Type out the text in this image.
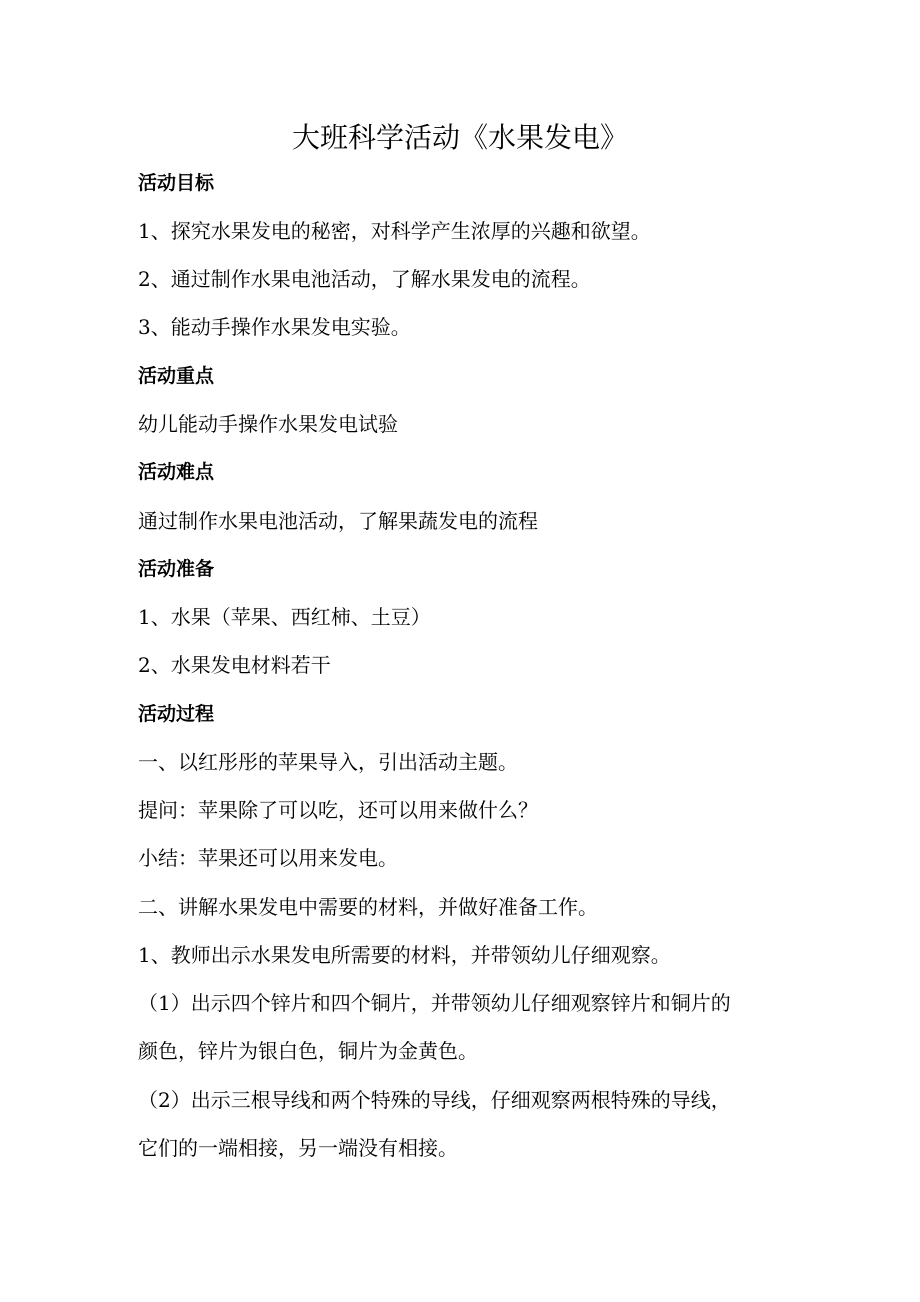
大班科学活动《水果发电》
活动目标
1、探究水果发电的秘密，对科学产生浓厚的兴趣和欲望。
2、通过制作水果电池活动，了解水果发电的流程。
3、能动手操作水果发电实验。
活动重点
幼儿能动手操作水果发电试验
活动难点
通过制作水果电池活动，了解果蔬发电的流程
活动准备
1、水果（苹果、西红柿、土豆）
2、水果发电材料若干
活动过程
一、以红彤彤的苹果导入，引出活动主题。
提问：苹果除了可以吃，还可以用来做什么？
小结：苹果还可以用来发电。
二、讲解水果发电中需要的材料，并做好准备工作。
1、教师出示水果发电所需要的材料，并带领幼儿仔细观察。
（1）出示四个锌片和四个铜片，并带领幼儿仔细观察锌片和铜片的
颜色，锌片为银白色，铜片为金黄色。
（2）出示三根导线和两个特殊的导线，仔细观察两根特殊的导线，
它们的一端相接，另一端没有相接。
